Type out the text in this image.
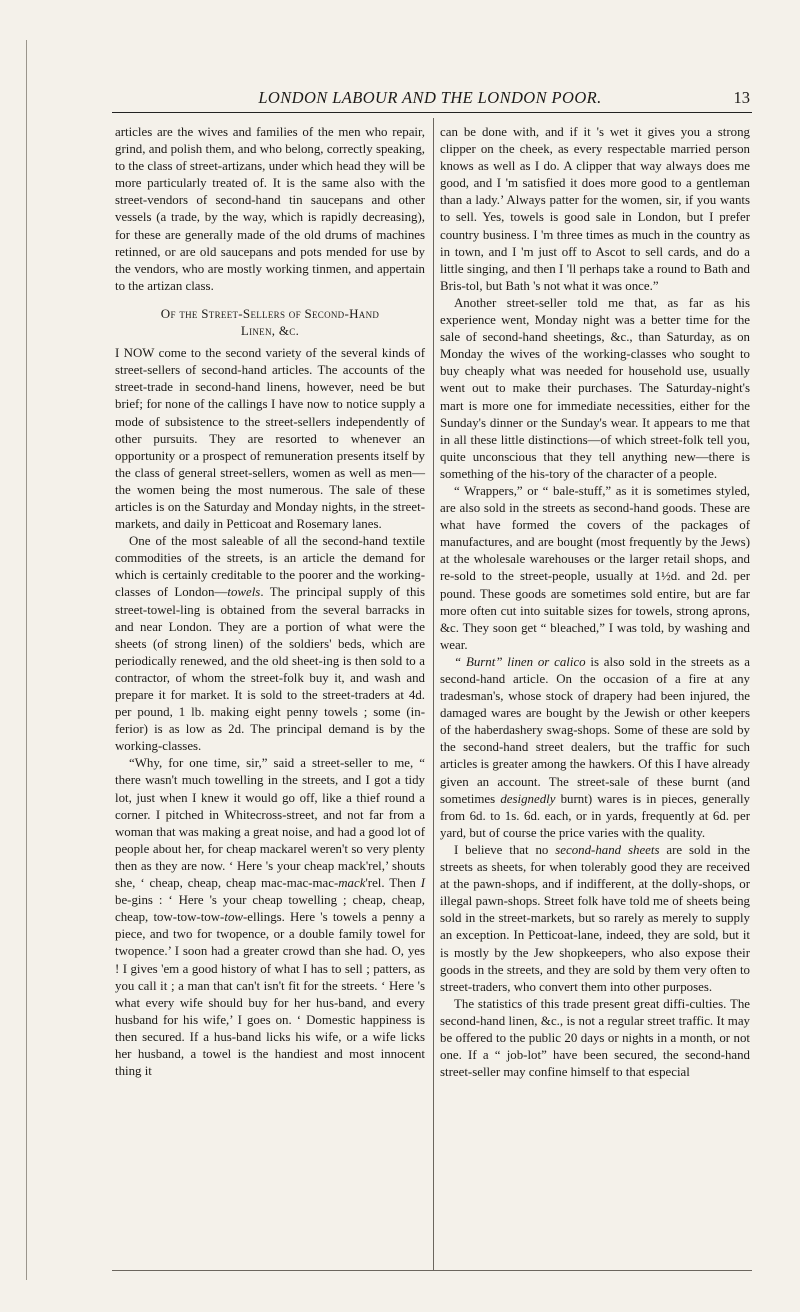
LONDON LABOUR AND THE LONDON POOR.	13

articles are the wives and families of the men who repair, grind, and polish them, and who belong, correctly speaking, to the class of street-artizans, under which head they will be more particularly treated of. It is the same also with the street-vendors of second-hand tin saucepans and other vessels (a trade, by the way, which is rapidly decreasing), for these are generally made of the old drums of machines retinned, or are old saucepans and pots mended for use by the vendors, who are mostly working tinmen, and appertain to the artizan class.

Of the Street-Sellers of Second-Hand
Linen, &c.

I NOW come to the second variety of the several kinds of street-sellers of second-hand articles. The accounts of the street-trade in second-hand linens, however, need be but brief; for none of the callings I have now to notice supply a mode of subsistence to the street-sellers independently of other pursuits. They are resorted to whenever an opportunity or a prospect of remuneration presents itself by the class of general street-sellers, women as well as men—the women being the most numerous. The sale of these articles is on the Saturday and Monday nights, in the street-markets, and daily in Petticoat and Rosemary lanes.

One of the most saleable of all the second-hand textile commodities of the streets, is an article the demand for which is certainly creditable to the poorer and the working-classes of London—towels. The principal supply of this street-towel-ling is obtained from the several barracks in and near London. They are a portion of what were the sheets (of strong linen) of the soldiers' beds, which are periodically renewed, and the old sheet-ing is then sold to a contractor, of whom the street-folk buy it, and wash and prepare it for market. It is sold to the street-traders at 4d. per pound, 1 lb. making eight penny towels ; some (in-ferior) is as low as 2d. The principal demand is by the working-classes.

“Why, for one time, sir,” said a street-seller to me, “ there wasn't much towelling in the streets, and I got a tidy lot, just when I knew it would go off, like a thief round a corner. I pitched in Whitecross-street, and not far from a woman that was making a great noise, and had a good lot of people about her, for cheap mackarel weren't so very plenty then as they are now. ‘ Here 's your cheap mack'rel,’ shouts she, ‘ cheap, cheap, cheap mac-mac-mac-mack'rel. Then I be-gins : ‘ Here 's your cheap towelling ; cheap, cheap, cheap, tow-tow-tow-tow-ellings. Here 's towels a penny a piece, and two for twopence, or a double family towel for twopence.’ I soon had a greater crowd than she had. O, yes ! I gives 'em a good history of what I has to sell ; patters, as you call it ; a man that can't isn't fit for the streets. ‘ Here 's what every wife should buy for her hus-band, and every husband for his wife,’ I goes on. ‘ Domestic happiness is then secured. If a hus-band licks his wife, or a wife licks her husband, a towel is the handiest and most innocent thing it

can be done with, and if it 's wet it gives you a strong clipper on the cheek, as every respectable married person knows as well as I do. A clipper that way always does me good, and I 'm satisfied it does more good to a gentleman than a lady.’ Always patter for the women, sir, if you wants to sell. Yes, towels is good sale in London, but I prefer country business. I 'm three times as much in the country as in town, and I 'm just off to Ascot to sell cards, and do a little singing, and then I 'll perhaps take a round to Bath and Bris-tol, but Bath 's not what it was once.”

Another street-seller told me that, as far as his experience went, Monday night was a better time for the sale of second-hand sheetings, &c., than Saturday, as on Monday the wives of the working-classes who sought to buy cheaply what was needed for household use, usually went out to make their purchases. The Saturday-night's mart is more one for immediate necessities, either for the Sunday's dinner or the Sunday's wear. It appears to me that in all these little distinctions—of which street-folk tell you, quite unconscious that they tell anything new—there is something of the his-tory of the character of a people.

“ Wrappers,” or “ bale-stuff,” as it is sometimes styled, are also sold in the streets as second-hand goods. These are what have formed the covers of the packages of manufactures, and are bought (most frequently by the Jews) at the wholesale warehouses or the larger retail shops, and re-sold to the street-people, usually at 1½d. and 2d. per pound. These goods are sometimes sold entire, but are far more often cut into suitable sizes for towels, strong aprons, &c. They soon get “ bleached,” I was told, by washing and wear.

“ Burnt” linen or calico is also sold in the streets as a second-hand article. On the occasion of a fire at any tradesman's, whose stock of drapery had been injured, the damaged wares are bought by the Jewish or other keepers of the haberdashery swag-shops. Some of these are sold by the second-hand street dealers, but the traffic for such articles is greater among the hawkers. Of this I have already given an account. The street-sale of these burnt (and sometimes designedly burnt) wares is in pieces, generally from 6d. to 1s. 6d. each, or in yards, frequently at 6d. per yard, but of course the price varies with the quality.

I believe that no second-hand sheets are sold in the streets as sheets, for when tolerably good they are received at the pawn-shops, and if indifferent, at the dolly-shops, or illegal pawn-shops. Street folk have told me of sheets being sold in the street-markets, but so rarely as merely to supply an exception. In Petticoat-lane, indeed, they are sold, but it is mostly by the Jew shopkeepers, who also expose their goods in the streets, and they are sold by them very often to street-traders, who convert them into other purposes.

The statistics of this trade present great diffi-culties. The second-hand linen, &c., is not a regular street traffic. It may be offered to the public 20 days or nights in a month, or not one. If a “ job-lot” have been secured, the second-hand street-seller may confine himself to that especial
